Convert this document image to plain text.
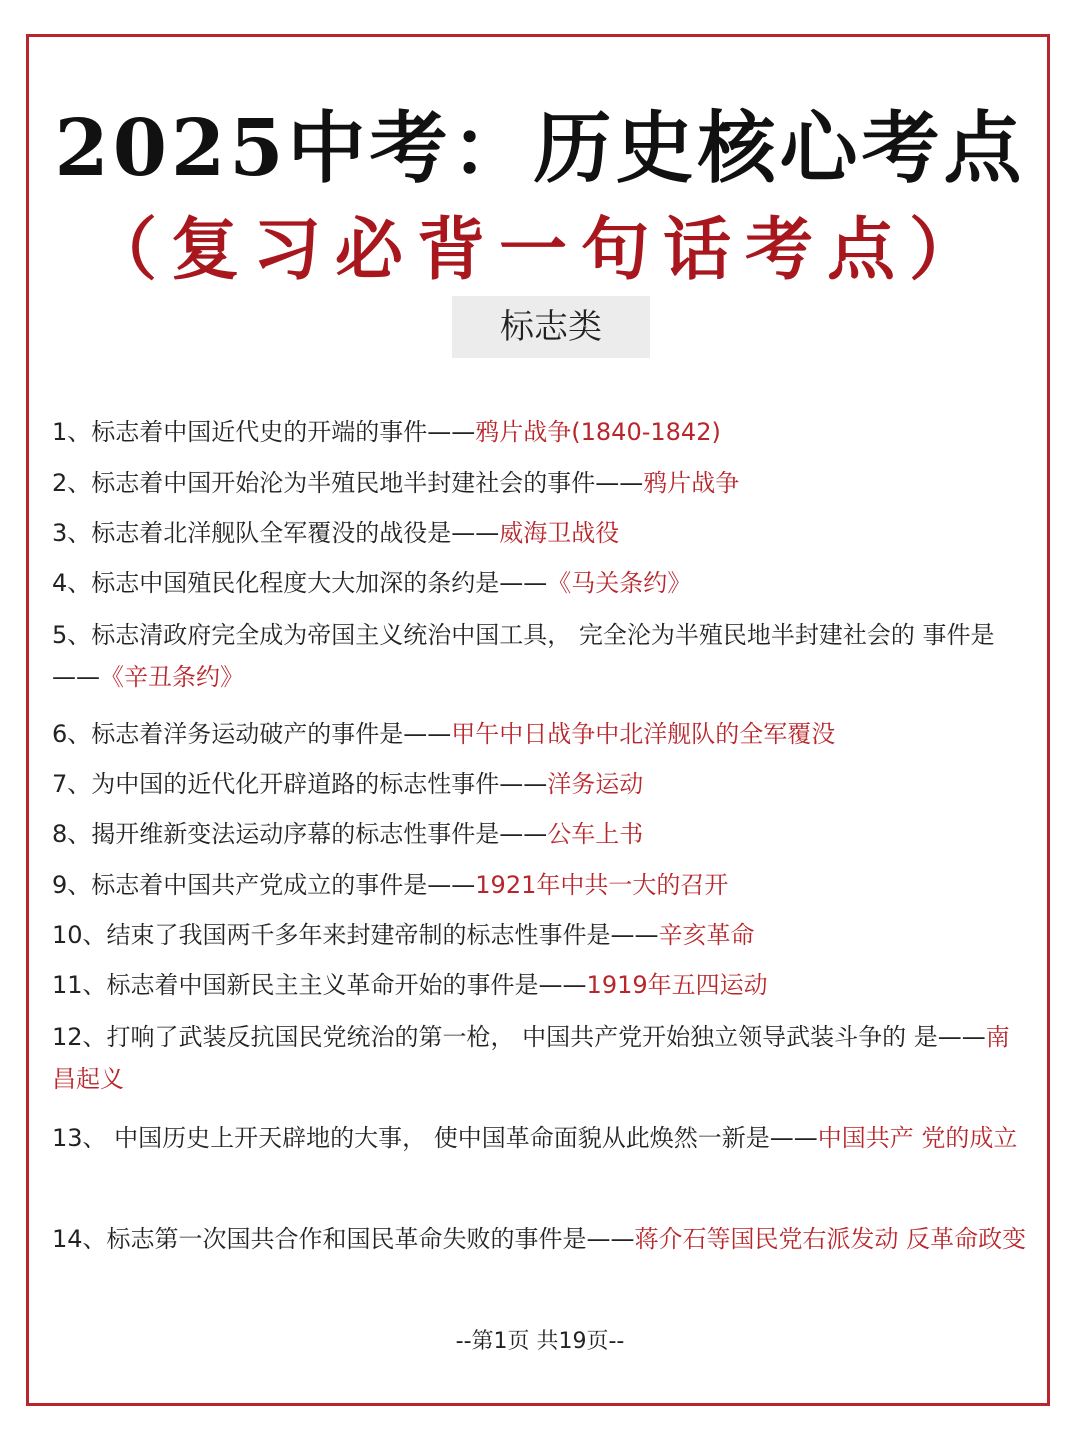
2025中考：历史核心考点
（复习必背一句话考点）
标志类
1、标志着中国近代史的开端的事件——鸦片战争(1840-1842)
2、标志着中国开始沦为半殖民地半封建社会的事件——鸦片战争
3、标志着北洋舰队全军覆没的战役是——威海卫战役
4、标志中国殖民化程度大大加深的条约是——《马关条约》
5、标志清政府完全成为帝国主义统治中国工具， 完全沦为半殖民地半封建社会的 事件是——《辛丑条约》
6、标志着洋务运动破产的事件是——甲午中日战争中北洋舰队的全军覆没
7、为中国的近代化开辟道路的标志性事件——洋务运动
8、揭开维新变法运动序幕的标志性事件是——公车上书
9、标志着中国共产党成立的事件是——1921年中共一大的召开
10、结束了我国两千多年来封建帝制的标志性事件是——辛亥革命
11、标志着中国新民主主义革命开始的事件是——1919年五四运动
12、打响了武装反抗国民党统治的第一枪， 中国共产党开始独立领导武装斗争的 是——南昌起义
13、 中国历史上开天辟地的大事， 使中国革命面貌从此焕然一新是——中国共产 党的成立
14、标志第一次国共合作和国民革命失败的事件是——蒋介石等国民党右派发动 反革命政变
--第1页 共19页--
